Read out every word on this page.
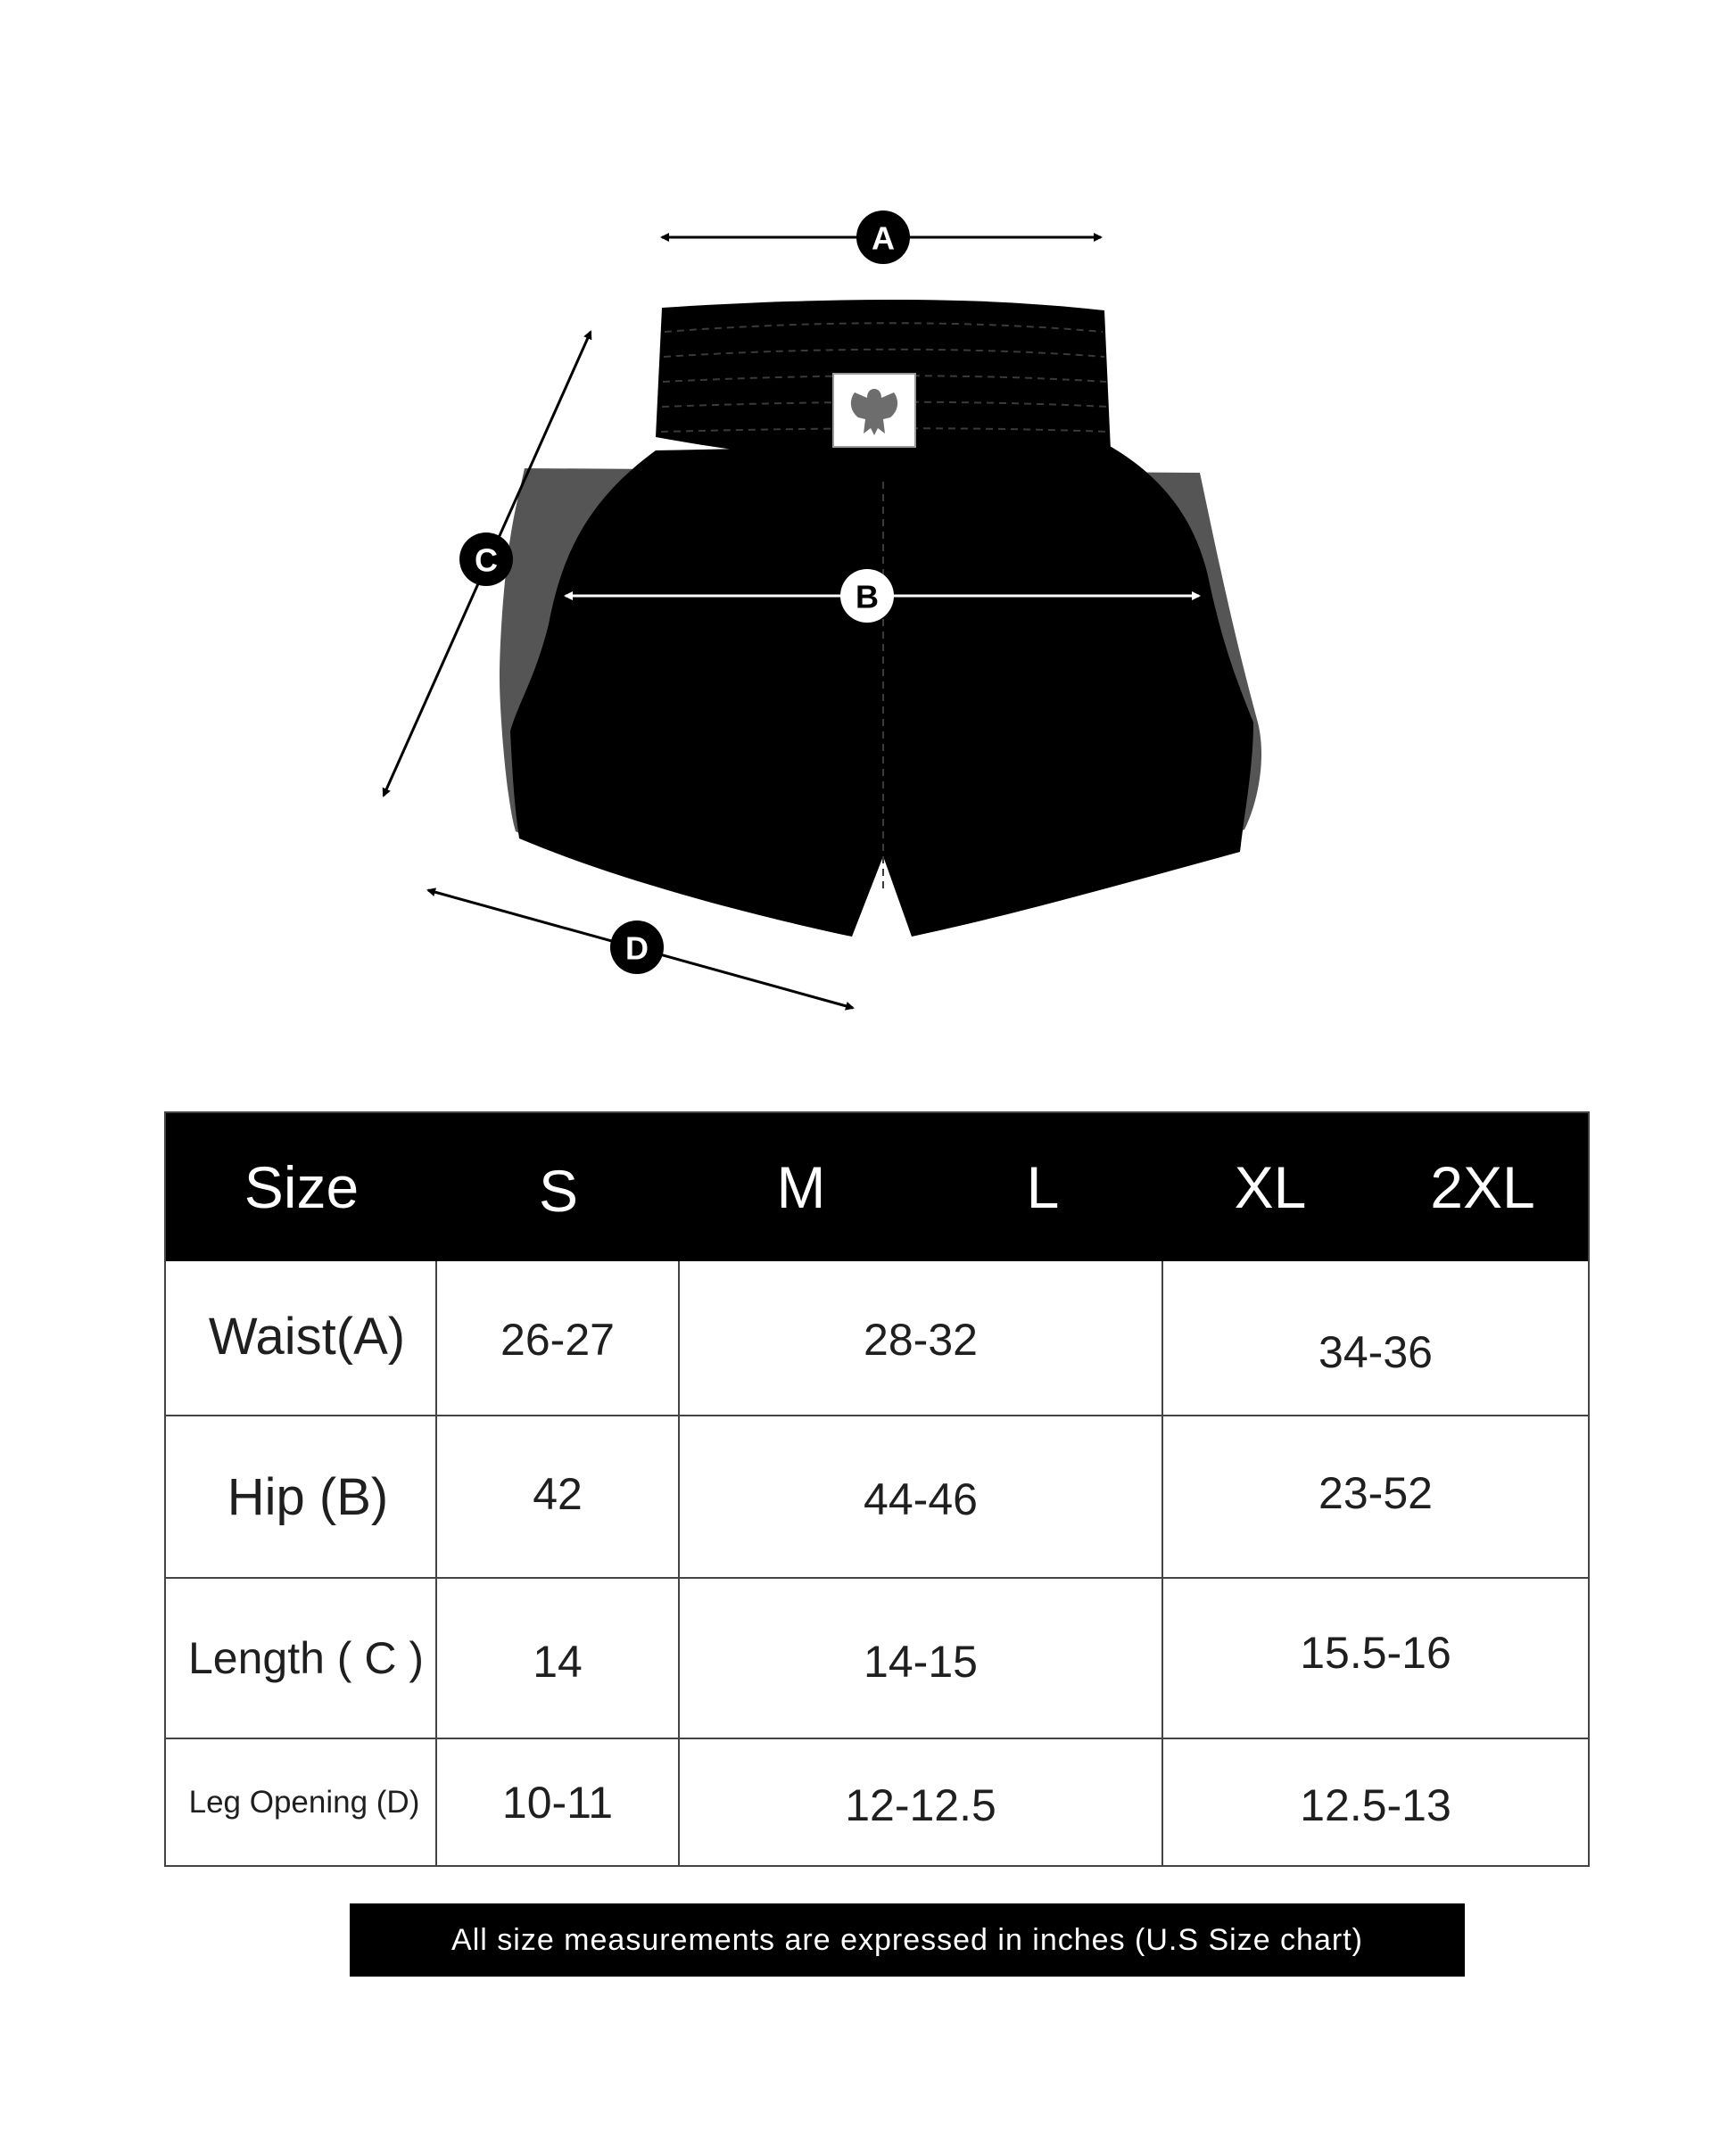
A
B
C
D
Size	S	M	L	XL	2XL
Waist(A)	26-27	28-32	34-36
Hip (B)	42	44-46	23-52
Length ( C )	14	14-15	15.5-16
Leg Opening (D)	10-11	12-12.5	12.5-13
All size measurements are expressed in inches (U.S Size chart)
